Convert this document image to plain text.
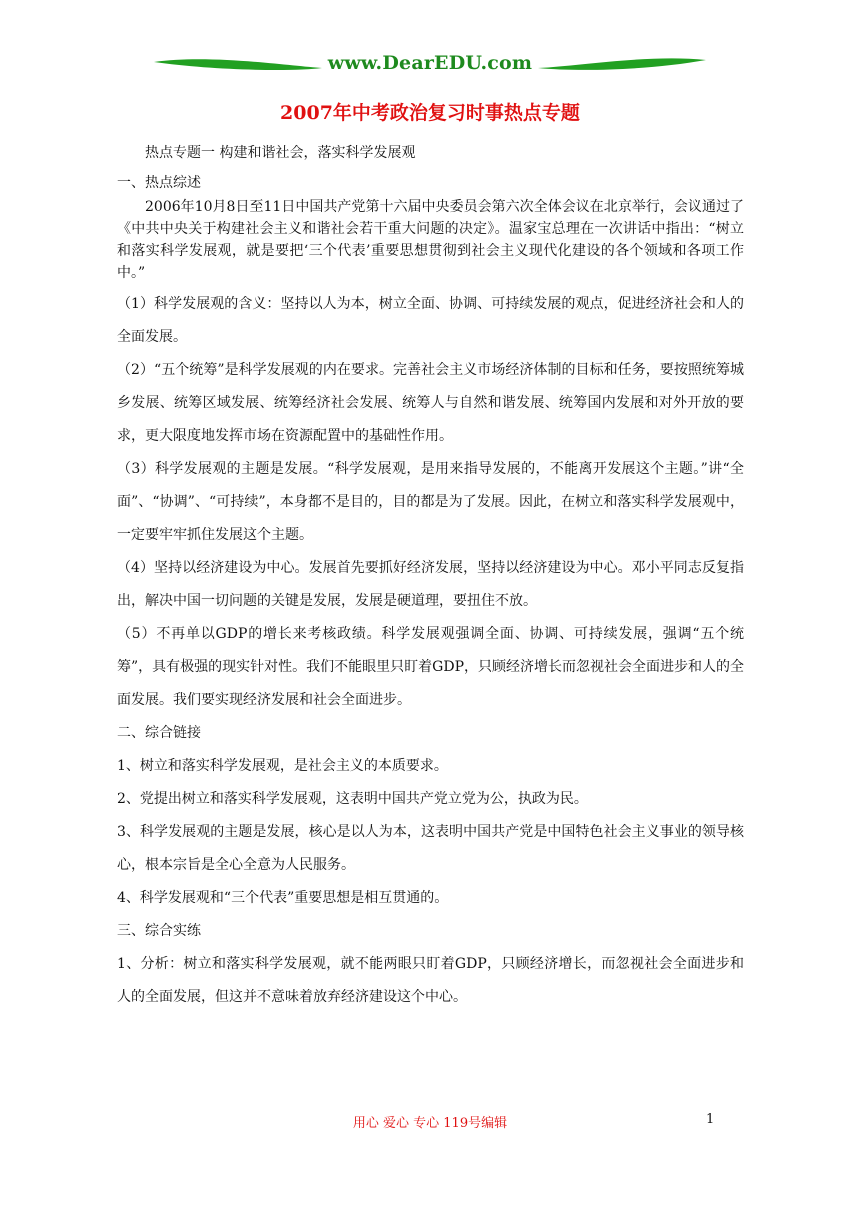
www.DearEDU.com
2007年中考政治复习时事热点专题
热点专题一 构建和谐社会，落实科学发展观
一、热点综述
2006年10月8日至11日中国共产党第十六届中央委员会第六次全体会议在北京举行，会议通过了《中共中央关于构建社会主义和谐社会若干重大问题的决定》。温家宝总理在一次讲话中指出：“树立和落实科学发展观，就是要把‘三个代表’重要思想贯彻到社会主义现代化建设的各个领域和各项工作中。”
（1）科学发展观的含义：坚持以人为本，树立全面、协调、可持续发展的观点，促进经济社会和人的全面发展。
（2）“五个统筹”是科学发展观的内在要求。完善社会主义市场经济体制的目标和任务，要按照统筹城乡发展、统筹区域发展、统筹经济社会发展、统筹人与自然和谐发展、统筹国内发展和对外开放的要求，更大限度地发挥市场在资源配置中的基础性作用。
（3）科学发展观的主题是发展。“科学发展观，是用来指导发展的，不能离开发展这个主题。”讲“全面”、“协调”、“可持续”，本身都不是目的，目的都是为了发展。因此，在树立和落实科学发展观中，一定要牢牢抓住发展这个主题。
（4）坚持以经济建设为中心。发展首先要抓好经济发展，坚持以经济建设为中心。邓小平同志反复指出，解决中国一切问题的关键是发展，发展是硬道理，要扭住不放。
（5）不再单以GDP的增长来考核政绩。科学发展观强调全面、协调、可持续发展，强调“五个统筹”，具有极强的现实针对性。我们不能眼里只盯着GDP，只顾经济增长而忽视社会全面进步和人的全面发展。我们要实现经济发展和社会全面进步。
二、综合链接
1、树立和落实科学发展观，是社会主义的本质要求。
2、党提出树立和落实科学发展观，这表明中国共产党立党为公，执政为民。
3、科学发展观的主题是发展，核心是以人为本，这表明中国共产党是中国特色社会主义事业的领导核心，根本宗旨是全心全意为人民服务。
4、科学发展观和“三个代表”重要思想是相互贯通的。
三、综合实练
1、分析：树立和落实科学发展观，就不能两眼只盯着GDP，只顾经济增长，而忽视社会全面进步和人的全面发展，但这并不意味着放弃经济建设这个中心。
用心 爱心 专心 119号编辑	1
